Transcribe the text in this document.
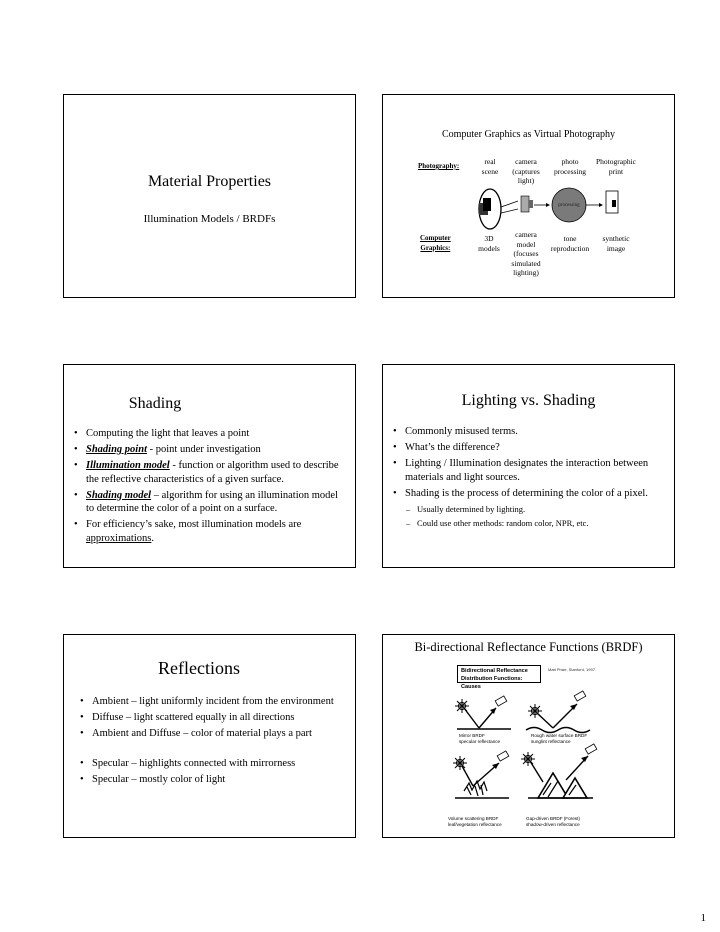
Material Properties
Illumination Models / BRDFs
Computer Graphics as Virtual Photography
Photography:	real
scene
camera
(captures
light)
photo
processing
Photographic
print
processing
Computer
Graphics:
3D
models
camera
model
(focuses
simulated
lighting)
tone
reproduction
synthetic
image
Shading
• Computing the light that leaves a point
• Shading point - point under investigation
• Illumination model - function or algorithm used to describe the reflective characteristics of a given surface.
• Shading model – algorithm for using an illumination model to determine the color of a point on a surface.
• For efficiency’s sake, most illumination models are approximations.
Lighting vs. Shading
• Commonly misused terms.
• What’s the difference?
• Lighting / Illumination designates the interaction between materials and light sources.
• Shading is the process of determining the color of a pixel.
– Usually determined by lighting.
– Could use other methods: random color, NPR, etc.
Reflections
• Ambient – light uniformly incident from the environment
• Diffuse – light scattered equally in all directions
• Ambient and Diffuse – color of material plays a part
• Specular – highlights connected with mirrorness
• Specular – mostly color of light
Bi-directional Reflectance Functions (BRDF)
Bidirectional Reflectance
Distribution Functions: Causes
Matt Pharr, Stanford, 1997
Mirror BRDF
specular reflectance
Rough water surface BRDF
sunglint reflectance
Volume scattering BRDF
leaf/vegetation reflectance
Gap-driven BRDF (Forest)
shadow-driven reflectance
1
